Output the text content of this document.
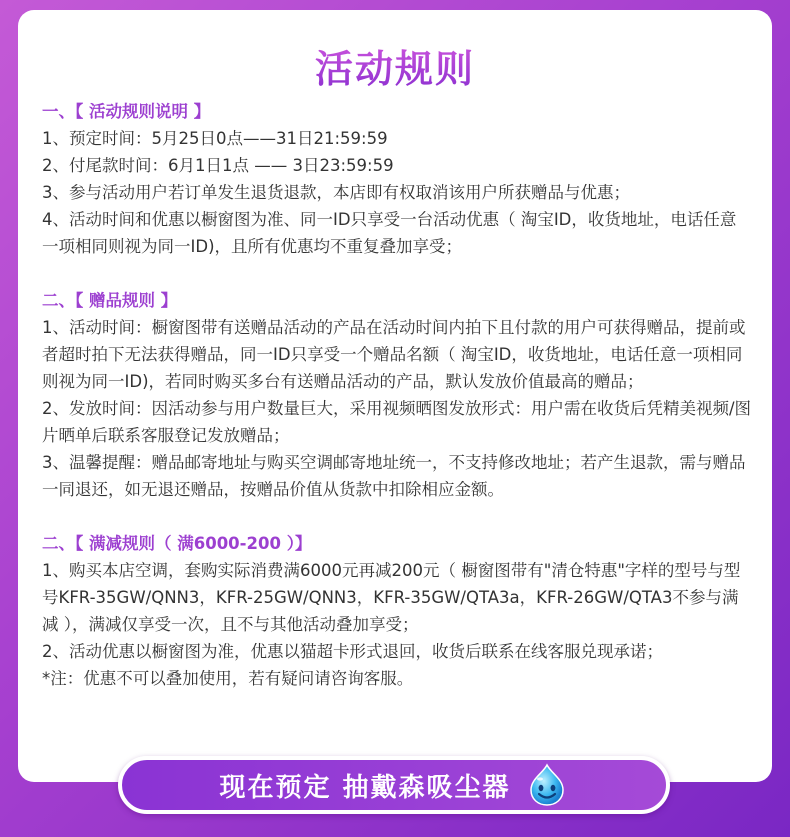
活动规则
一、【 活动规则说明 】
1、预定时间：5月25日0点——31日21:59:59
2、付尾款时间：6月1日1点 —— 3日23:59:59
3、参与活动用户若订单发生退货退款，本店即有权取消该用户所获赠品与优惠；
4、活动时间和优惠以橱窗图为准、同一ID只享受一台活动优惠（ 淘宝ID，收货地址，电话任意一项相同则视为同一ID)，且所有优惠均不重复叠加享受；
二、【 赠品规则 】
1、活动时间：橱窗图带有送赠品活动的产品在活动时间内拍下且付款的用户可获得赠品，提前或者超时拍下无法获得赠品，同一ID只享受一个赠品名额（ 淘宝ID，收货地址，电话任意一项相同则视为同一ID)，若同时购买多台有送赠品活动的产品，默认发放价值最高的赠品；
2、发放时间：因活动参与用户数量巨大，采用视频晒图发放形式：用户需在收货后凭精美视频/图片晒单后联系客服登记发放赠品；
3、温馨提醒：赠品邮寄地址与购买空调邮寄地址统一，不支持修改地址；若产生退款，需与赠品一同退还，如无退还赠品，按赠品价值从货款中扣除相应金额。
二、【 满减规则（ 满6000-200 ）】
1、购买本店空调，套购实际消费满6000元再减200元（ 橱窗图带有"清仓特惠"字样的型号与型号KFR-35GW/QNN3，KFR-25GW/QNN3，KFR-35GW/QTA3a，KFR-26GW/QTA3不参与满减 ），满减仅享受一次，且不与其他活动叠加享受；
2、活动优惠以橱窗图为准，优惠以猫超卡形式退回，收货后联系在线客服兑现承诺；
*注：优惠不可以叠加使用，若有疑问请咨询客服。
现在预定 抽戴森吸尘器
